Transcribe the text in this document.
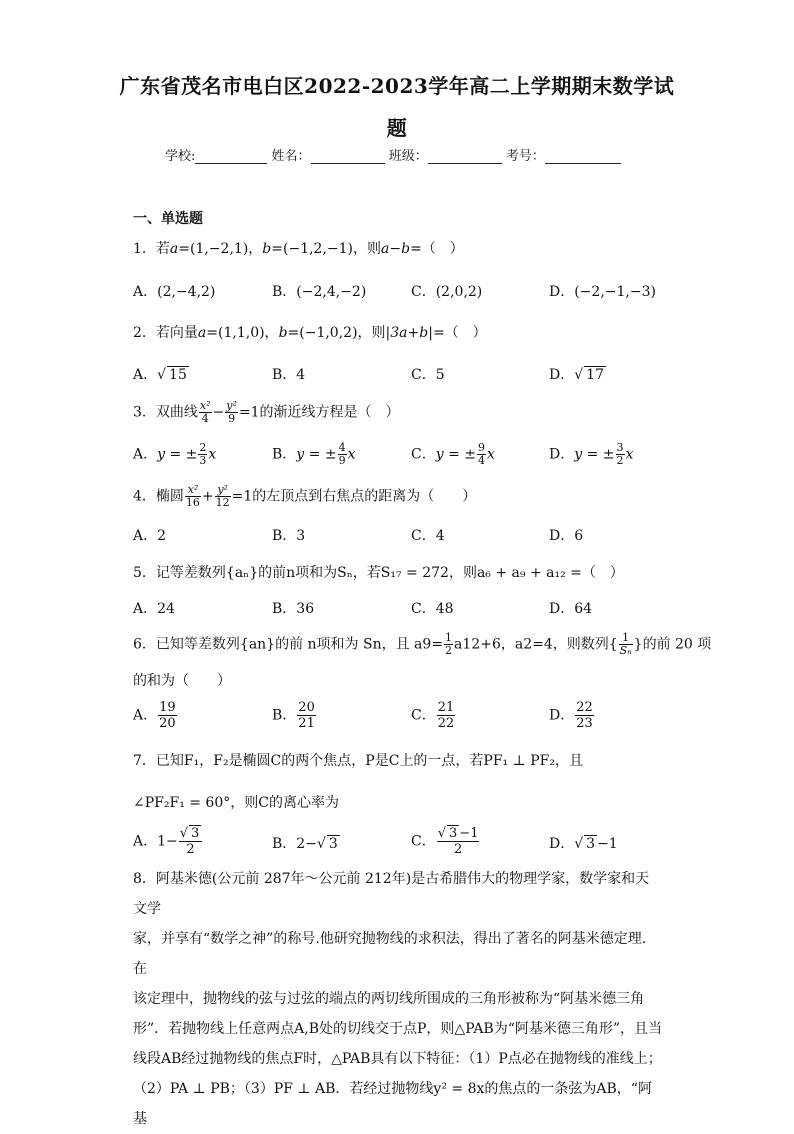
广东省茂名市电白区2022-2023学年高二上学期期末数学试
题
学校:	姓名：	班级：	考号：
一、单选题
1．若a=(1,−2,1)，b=(−1,2,−1)，则a−b=（　）
A．(2,−4,2)	B．(−2,4,−2)	C．(2,0,2)	D．(−2,−1,−3)
2．若向量a=(1,1,0)，b=(−1,0,2)，则|3a+b|=（　）
A．√ 15	B．4	C．5	D．√ 17
3．双曲线 $\frac{\text{x²}}{4} - \frac{\text{y²}}{9} =1$的渐近线方程是（　）
A．y = ± $\frac{2}{3}$ x	B．y = ± $\frac{4}{9}$ x	C．y = ± $\frac{9}{4}$ x	D．y = ± $\frac{3}{2}$ x
4．椭圆 $\frac{\text{x²}}{16} + \frac{\text{y²}}{12} =1$的左顶点到右焦点的距离为（　　）
A．2	B．3	C．4	D．6
5．记等差数列{aₙ}的前n项和为Sₙ，若S₁₇ = 272，则a₆ + a₉ + a₁₂ =（　）
A．24	B．36	C．48	D．64
6．已知等差数列{an}的前 n项和为 Sn，且 $a9= \frac{1}{2} a12+6$，a2=4，则数列{ $\frac{1}{\text{Sₙ}}$ }的前 20 项
的和为（　　）
A． $\frac{19}{20}$	B． $\frac{20}{21}$	C． $\frac{21}{22}$	D． $\frac{22}{23}$
7．已知F₁，F₂是椭圆C的两个焦点，P是C上的一点，若PF₁ ⊥ PF₂，且
∠PF₂F₁ = 60°，则C的离心率为
A．$1- \frac{√ 3}{2}$	B．2−√ 3	C． $\frac{√ 3 -1}{2}$	D．√ 3 −1
8．阿基米德(公元前 287年～公元前 212年)是古希腊伟大的物理学家，数学家和天文学
家，并享有“数学之神”的称号.他研究抛物线的求积法，得出了著名的阿基米德定理．在
该定理中，抛物线的弦与过弦的端点的两切线所围成的三角形被称为“阿基米德三角
形”．若抛物线上任意两点A,B处的切线交于点P，则△PAB为“阿基米德三角形”，且当
线段AB经过抛物线的焦点F时，△PAB具有以下特征：（1）P点必在抛物线的准线上；
（2）PA ⊥ PB；（3）PF ⊥ AB．若经过抛物线y² = 8x的焦点的一条弦为AB，“阿基
